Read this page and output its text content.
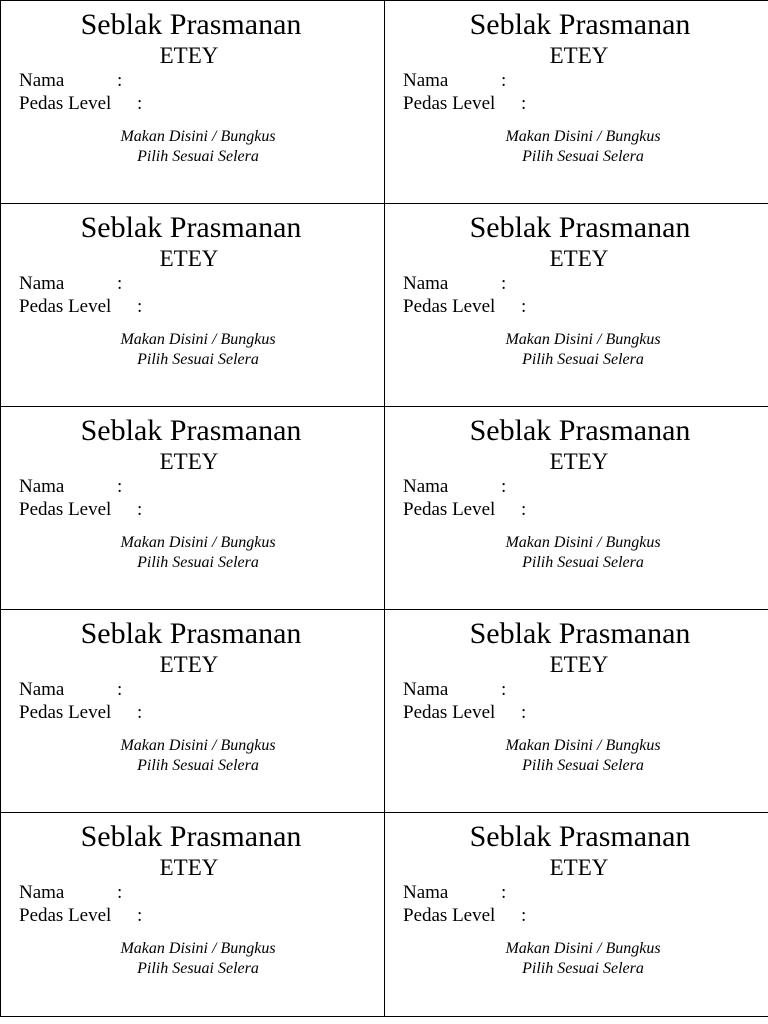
Seblak Prasmanan
ETEY
Nama	:
Pedas Level :
Makan Disini / Bungkus
Pilih Sesuai Selera
Seblak Prasmanan
ETEY
Nama	:
Pedas Level :
Makan Disini / Bungkus
Pilih Sesuai Selera
Seblak Prasmanan
ETEY
Nama	:
Pedas Level :
Makan Disini / Bungkus
Pilih Sesuai Selera
Seblak Prasmanan
ETEY
Nama	:
Pedas Level :
Makan Disini / Bungkus
Pilih Sesuai Selera
Seblak Prasmanan
ETEY
Nama	:
Pedas Level :
Makan Disini / Bungkus
Pilih Sesuai Selera
Seblak Prasmanan
ETEY
Nama	:
Pedas Level :
Makan Disini / Bungkus
Pilih Sesuai Selera
Seblak Prasmanan
ETEY
Nama	:
Pedas Level :
Makan Disini / Bungkus
Pilih Sesuai Selera
Seblak Prasmanan
ETEY
Nama	:
Pedas Level :
Makan Disini / Bungkus
Pilih Sesuai Selera
Seblak Prasmanan
ETEY
Nama	:
Pedas Level :
Makan Disini / Bungkus
Pilih Sesuai Selera
Seblak Prasmanan
ETEY
Nama	:
Pedas Level :
Makan Disini / Bungkus
Pilih Sesuai Selera
